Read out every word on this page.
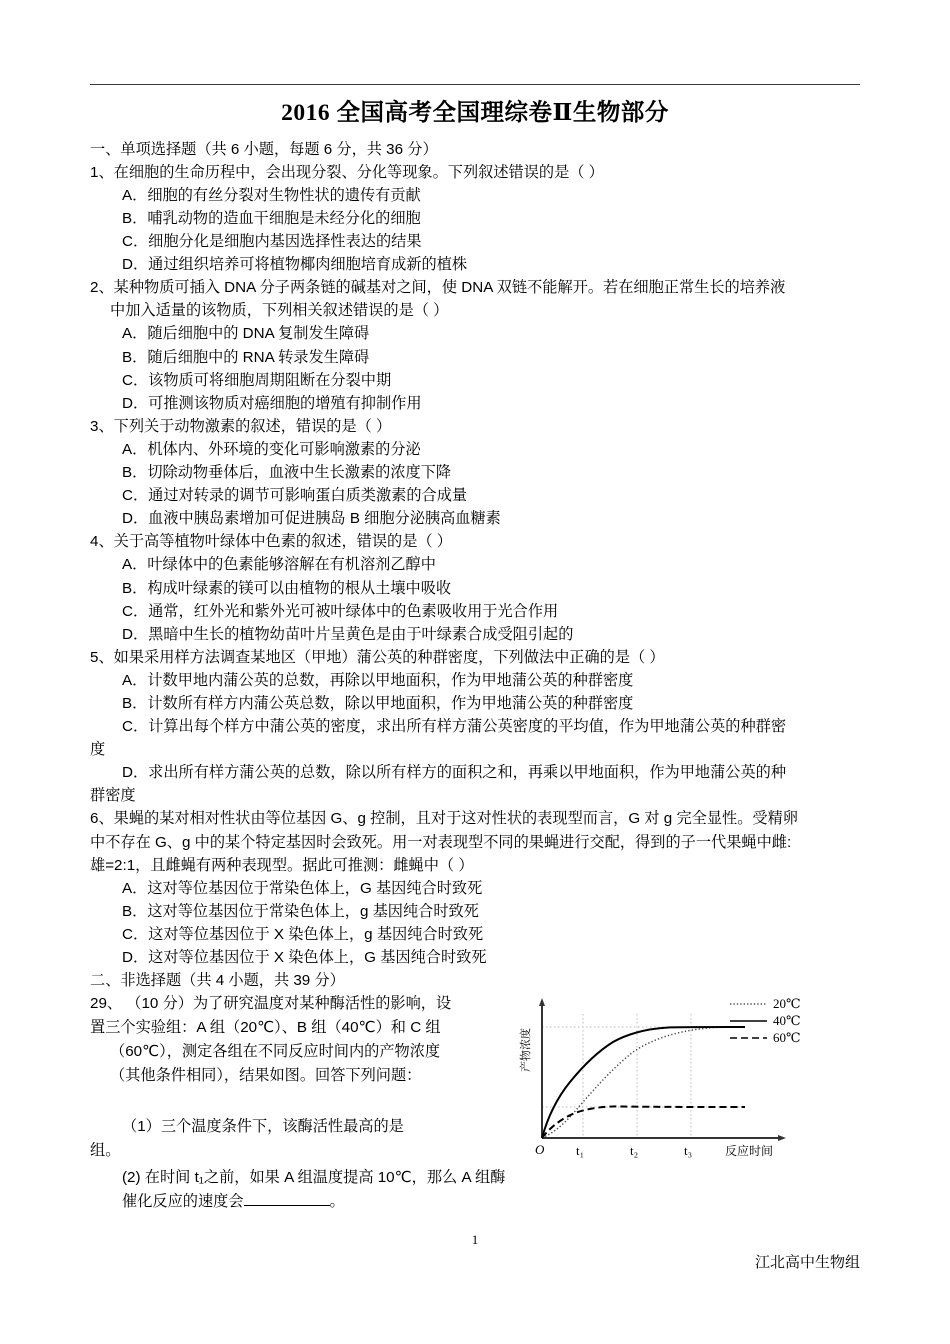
2016 全国高考全国理综卷Ⅱ生物部分
一、单项选择题（共 6 小题，每题 6 分，共 36 分）
1、在细胞的生命历程中，会出现分裂、分化等现象。下列叙述错误的是（ ）
A．细胞的有丝分裂对生物性状的遗传有贡献
B．哺乳动物的造血干细胞是未经分化的细胞
C．细胞分化是细胞内基因选择性表达的结果
D．通过组织培养可将植物椰肉细胞培育成新的植株
2、某种物质可插入 DNA 分子两条链的碱基对之间，使 DNA 双链不能解开。若在细胞正常生长的培养液
中加入适量的该物质，下列相关叙述错误的是（ ）
A．随后细胞中的 DNA 复制发生障碍
B．随后细胞中的 RNA 转录发生障碍
C．该物质可将细胞周期阻断在分裂中期
D．可推测该物质对癌细胞的增殖有抑制作用
3、下列关于动物激素的叙述，错误的是（ ）
A．机体内、外环境的变化可影响激素的分泌
B．切除动物垂体后，血液中生长激素的浓度下降
C．通过对转录的调节可影响蛋白质类激素的合成量
D．血液中胰岛素增加可促进胰岛 B 细胞分泌胰高血糖素
4、关于高等植物叶绿体中色素的叙述，错误的是（ ）
A．叶绿体中的色素能够溶解在有机溶剂乙醇中
B．构成叶绿素的镁可以由植物的根从土壤中吸收
C．通常，红外光和紫外光可被叶绿体中的色素吸收用于光合作用
D．黑暗中生长的植物幼苗叶片呈黄色是由于叶绿素合成受阻引起的
5、如果采用样方法调查某地区（甲地）蒲公英的种群密度，下列做法中正确的是（ ）
A．计数甲地内蒲公英的总数，再除以甲地面积，作为甲地蒲公英的种群密度
B．计数所有样方内蒲公英总数，除以甲地面积，作为甲地蒲公英的种群密度
C．计算出每个样方中蒲公英的密度，求出所有样方蒲公英密度的平均值，作为甲地蒲公英的种群密
度
D．求出所有样方蒲公英的总数，除以所有样方的面积之和，再乘以甲地面积，作为甲地蒲公英的种
群密度
6、果蝇的某对相对性状由等位基因 G、g 控制，且对于这对性状的表现型而言，G 对 g 完全显性。受精卵
中不存在 G、g 中的某个特定基因时会致死。用一对表现型不同的果蝇进行交配，得到的子一代果蝇中雌:
雄=2:1，且雌蝇有两种表现型。据此可推测：雌蝇中（ ）
A．这对等位基因位于常染色体上，G 基因纯合时致死
B．这对等位基因位于常染色体上，g 基因纯合时致死
C．这对等位基因位于 X 染色体上，g 基因纯合时致死
D．这对等位基因位于 X 染色体上，G 基因纯合时致死
二、非选择题（共 4 小题，共 39 分）
20℃
40℃
60℃
产物浓度
O t₁	t₂	t₃	反应时间
29、 （10 分）为了研究温度对某种酶活性的影响，设
置三个实验组：A 组（20℃）、B 组（40℃）和 C 组
（60℃），测定各组在不同反应时间内的产物浓度
（其他条件相同），结果如图。回答下列问题：
（1）三个温度条件下，该酶活性最高的是
组。
(2) 在时间 t₁之前，如果 A 组温度提高 10℃，那么 A 组酶催化反应的速度会	。
1
江北高中生物组
